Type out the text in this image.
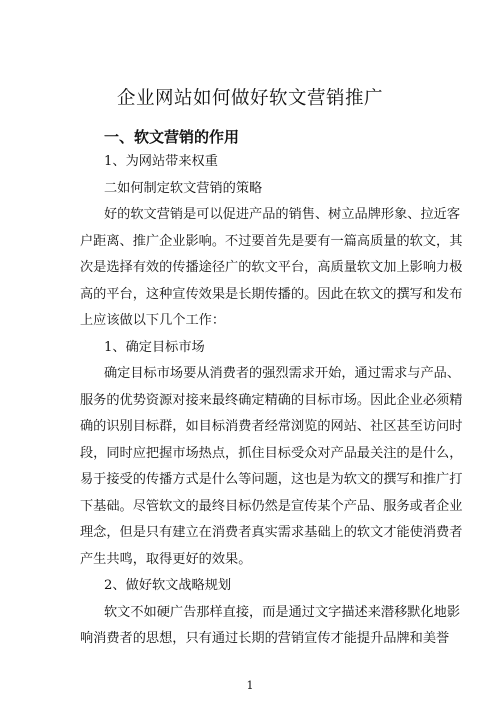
企业网站如何做好软文营销推广
一、软文营销的作用

1、为网站带来权重

二如何制定软文营销的策略

好的软文营销是可以促进产品的销售、树立品牌形象、拉近客

户距离、推广企业影响。不过要首先是要有一篇高质量的软文，其

次是选择有效的传播途径广的软文平台，高质量软文加上影响力极

高的平台，这种宣传效果是长期传播的。因此在软文的撰写和发布

上应该做以下几个工作：

1、确定目标市场

确定目标市场要从消费者的强烈需求开始，通过需求与产品、

服务的优势资源对接来最终确定精确的目标市场。因此企业必须精

确的识别目标群，如目标消费者经常浏览的网站、社区甚至访问时

段，同时应把握市场热点，抓住目标受众对产品最关注的是什么，

易于接受的传播方式是什么等问题，这也是为软文的撰写和推广打

下基础。尽管软文的最终目标仍然是宣传某个产品、服务或者企业

理念，但是只有建立在消费者真实需求基础上的软文才能使消费者

产生共鸣，取得更好的效果。

2、做好软文战略规划

软文不如硬广告那样直接，而是通过文字描述来潜移默化地影

响消费者的思想，只有通过长期的营销宣传才能提升品牌和美誉

1
